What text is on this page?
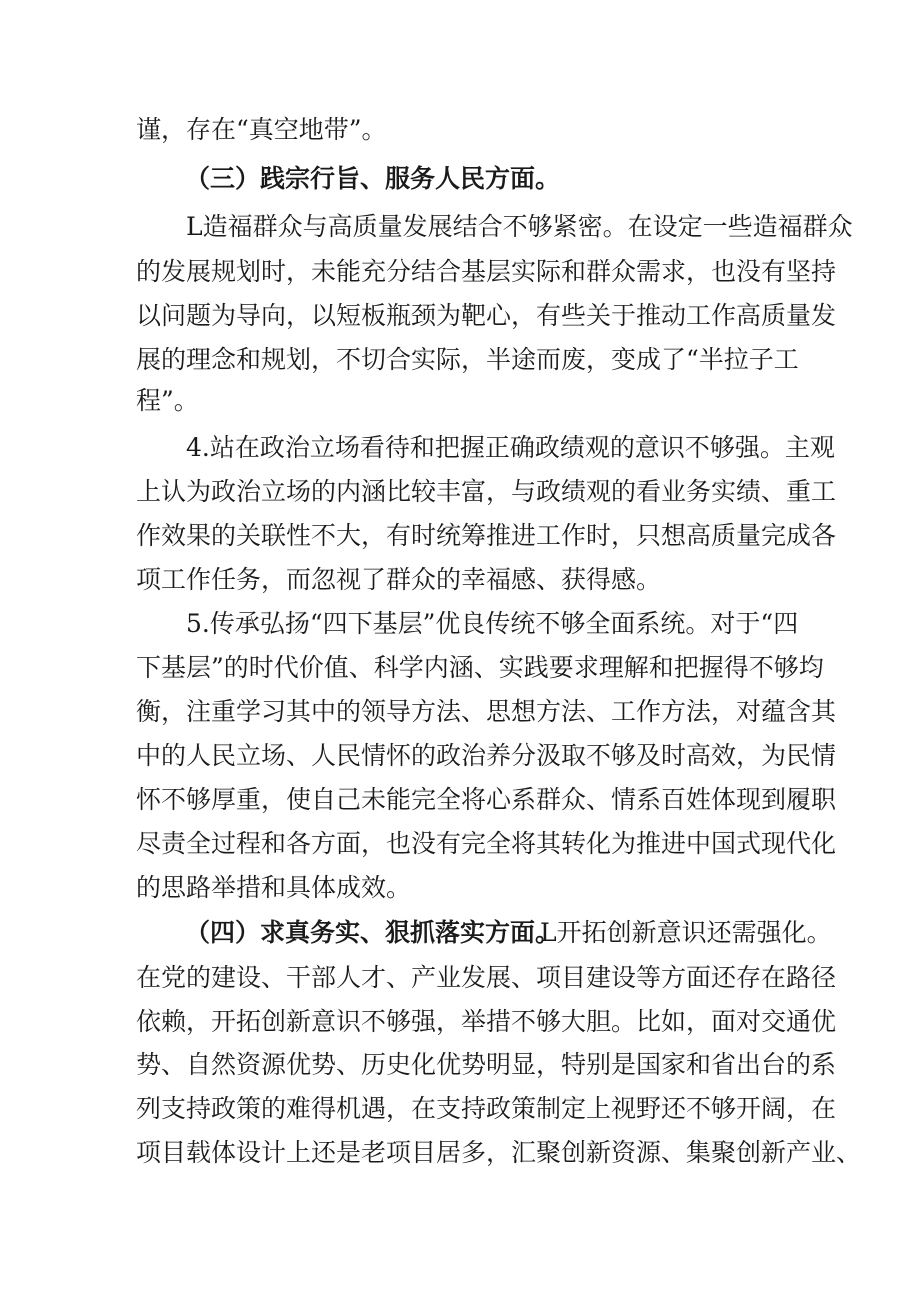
谨，存在“真空地带”。
（三）践宗行旨、服务人民方面。
L造福群众与高质量发展结合不够紧密。在设定一些造福群众
的发展规划时，未能充分结合基层实际和群众需求，也没有坚持
以问题为导向，以短板瓶颈为靶心，有些关于推动工作高质量发
展的理念和规划，不切合实际，半途而废，变成了“半拉子工
程”。
4.站在政治立场看待和把握正确政绩观的意识不够强。主观
上认为政治立场的内涵比较丰富，与政绩观的看业务实绩、重工
作效果的关联性不大，有时统筹推进工作时，只想高质量完成各
项工作任务，而忽视了群众的幸福感、获得感。
5.传承弘扬“四下基层”优良传统不够全面系统。对于“四
下基层”的时代价值、科学内涵、实践要求理解和把握得不够均
衡，注重学习其中的领导方法、思想方法、工作方法，对蕴含其
中的人民立场、人民情怀的政治养分汲取不够及时高效，为民情
怀不够厚重，使自己未能完全将心系群众、情系百姓体现到履职
尽责全过程和各方面，也没有完全将其转化为推进中国式现代化
的思路举措和具体成效。
（四）求真务实、狠抓落实方面。
L开拓创新意识还需强化。
在党的建设、干部人才、产业发展、项目建设等方面还存在路径
依赖，开拓创新意识不够强，举措不够大胆。比如，面对交通优
势、自然资源优势、历史化优势明显，特别是国家和省出台的系
列支持政策的难得机遇，在支持政策制定上视野还不够开阔，在
项目载体设计上还是老项目居多，汇聚创新资源、集聚创新产业、
